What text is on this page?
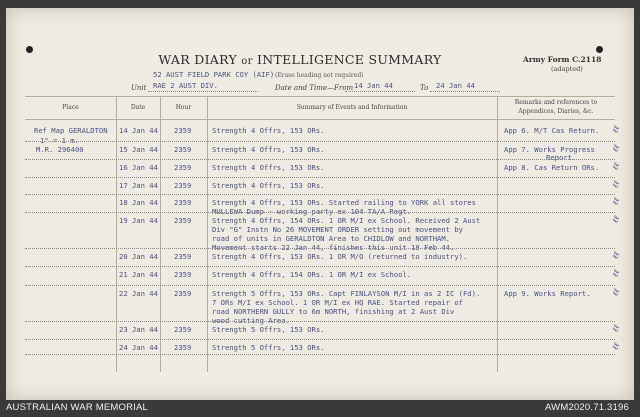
WAR DIARY or INTELLIGENCE SUMMARY	Army Form C.2118
(adapted)
52 AUST FIELD PARK COY (AIF) (Erase heading not required)
Unit RAE 2 AUST DIV.	Date and Time—From 14 Jan 44	To 24 Jan 44
Place	Date	Hour	Summary of Events and Information
Remarks and references to
Appendices, Diaries, &c.
Ref Map GERALDTON
1" = 1 m.
M.R. 296400
14 Jan 44 2359	Strength 4 Offrs, 153 ORs.	App 6. M/T Cas Return. ℓℓ
15 Jan 44 2359	Strength 4 Offrs, 153 ORs.	App 7. Works Progress
Report.
ℓℓ
16 Jan 44 2359	Strength 4 Offrs, 153 ORs.	App 8. Cas Return ORs. ℓℓ
17 Jan 44 2359	Strength 4 Offrs, 153 ORs.	ℓℓ
18 Jan 44 2359	Strength 4 Offrs, 153 ORs. Started railing to YORK all stores
MULLEWA Dump - working party ex 104 TA/A Regt.
ℓℓ
19 Jan 44 2359	Strength 4 Offrs, 154 ORs. 1 OR M/I ex School. Received 2 Aust
Div "G" Instn No 26 MOVEMENT ORDER setting out movement by
road of units in GERALDTON Area to CHIDLOW and NORTHAM.
Movement starts 22 Jan 44, finishes this unit 18 Feb 44.
ℓℓ
20 Jan 44 2359	Strength 4 Offrs, 153 ORs. 1 OR M/O (returned to industry).	ℓℓ
21 Jan 44 2359	Strength 4 Offrs, 154 ORs. 1 OR M/I ex School.	ℓℓ
22 Jan 44 2359	Strength 5 Offrs, 153 ORs. Capt FINLAYSON M/I in as 2 IC (Fd).
7 ORs M/I ex School. 1 OR M/I ex HQ RAE. Started repair of
road NORTHERN GULLY to 6m NORTH, finishing at 2 Aust Div
wood cutting Area.
App 9. Works Report. ℓℓ
23 Jan 44 2359	Strength 5 Offrs, 153 ORs.	ℓℓ
24 Jan 44 2359	Strength 5 Offrs, 153 ORs.	ℓℓ
AUSTRALIAN WAR MEMORIAL	AWM2020.71.3196
